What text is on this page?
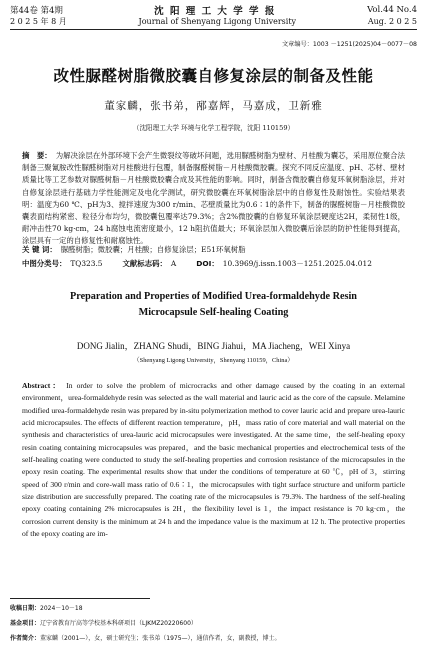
第44卷 第4期	沈 阳 理 工 大 学 学 报	Vol.44 No.4
2 0 2 5 年 8 月	Journal of Shenyang Ligong University	Aug. 2 0 2 5
文章编号：1003 －1251(2025)04－0077－08
改性脲醛树脂微胶囊自修复涂层的制备及性能
董家麟，张书弟，邴嘉辉，马嘉成，卫新雅
（沈阳理工大学 环境与化学工程学院，沈阳 110159）
摘　要： 为解决涂层在外部环境下会产生微裂纹等破坏问题，选用脲醛树脂为壁材、月桂酸为囊芯，采用原位聚合法制备三聚氰胺改性脲醛树脂对月桂酸进行包覆，制备脲醛树脂－月桂酸微胶囊。探究不同反应温度、pH、芯材、壁材质量比等工艺参数对脲醛树脂－月桂酸微胶囊合成及其性能的影响。同时，制备含微胶囊自修复环氧树脂涂层，并对自修复涂层进行基础力学性能测定及电化学测试，研究微胶囊在环氧树脂涂层中的自修复性及耐蚀性。实验结果表明：温度为60 ℃、pH为3、搅拌速度为300 r/min、芯壁质量比为0.6∶1的条件下，制备的脲醛树脂－月桂酸微胶囊表面结构紧密、粒径分布均匀，微胶囊包覆率达79.3%；含2%微胶囊的自修复环氧涂层硬度达2H，柔韧性1级，耐冲击性70 kg·cm，24 h腐蚀电流密度最小，12 h阻抗值最大；环氧涂层加入微胶囊后涂层的防护性能得到提高，涂层具有一定的自修复性和耐腐蚀性。
关 键 词： 脲醛树脂；微胶囊；月桂酸；自修复涂层；E51环氧树脂
中图分类号： TQ323.5	文献标志码： A	DOI： 10.3969/j.issn.1003－1251.2025.04.012
Preparation and Properties of Modified Urea-formaldehyde Resin
Microcapsule Self-healing Coating
DONG Jialin，ZHANG Shudi，BING Jiahui，MA Jiacheng，WEI Xinya
（Shenyang Ligong University，Shenyang 110159，China）
Abstract： In order to solve the problem of microcracks and other damage caused by the coating in an external environment，urea-formaldehyde resin was selected as the wall material and lauric acid as the core of the capsule. Melamine modified urea-formaldehyde resin was prepared by in-situ polymerization method to cover lauric acid and prepare urea-lauric acid microcapsules. The effects of different reaction temperature，pH，mass ratio of core material and wall material on the synthesis and characteristics of urea-lauric acid microcapsules were investigated. At the same time，the self-healing epoxy resin coating containing microcapsules was prepared，and the basic mechanical properties and electrochemical tests of the self-healing coating were conducted to study the self-healing properties and corrosion resistance of the microcapsules in the epoxy resin coating. The experimental results show that under the conditions of temperature at 60 ℃，pH of 3，stirring speed of 300 r/min and core-wall mass ratio of 0.6∶1，the microcapsules with tight surface structure and uniform particle size distribution are successfully prepared. The coating rate of the microcapsules is 79.3%. The hardness of the self-healing epoxy coating containing 2% microcapsules is 2H，the flexibility level is 1，the impact resistance is 70 kg·cm，the corrosion current density is the minimum at 24 h and the impedance value is the maximum at 12 h. The protective properties of the epoxy coating are im-
收稿日期：2024－10－18
基金项目：辽宁省教育厅高等学校基本科研项目（LJKMZ20220600）
作者简介：董家麟（2001—），女，硕士研究生；张书弟（1975—），通信作者，女，副教授，博士。
